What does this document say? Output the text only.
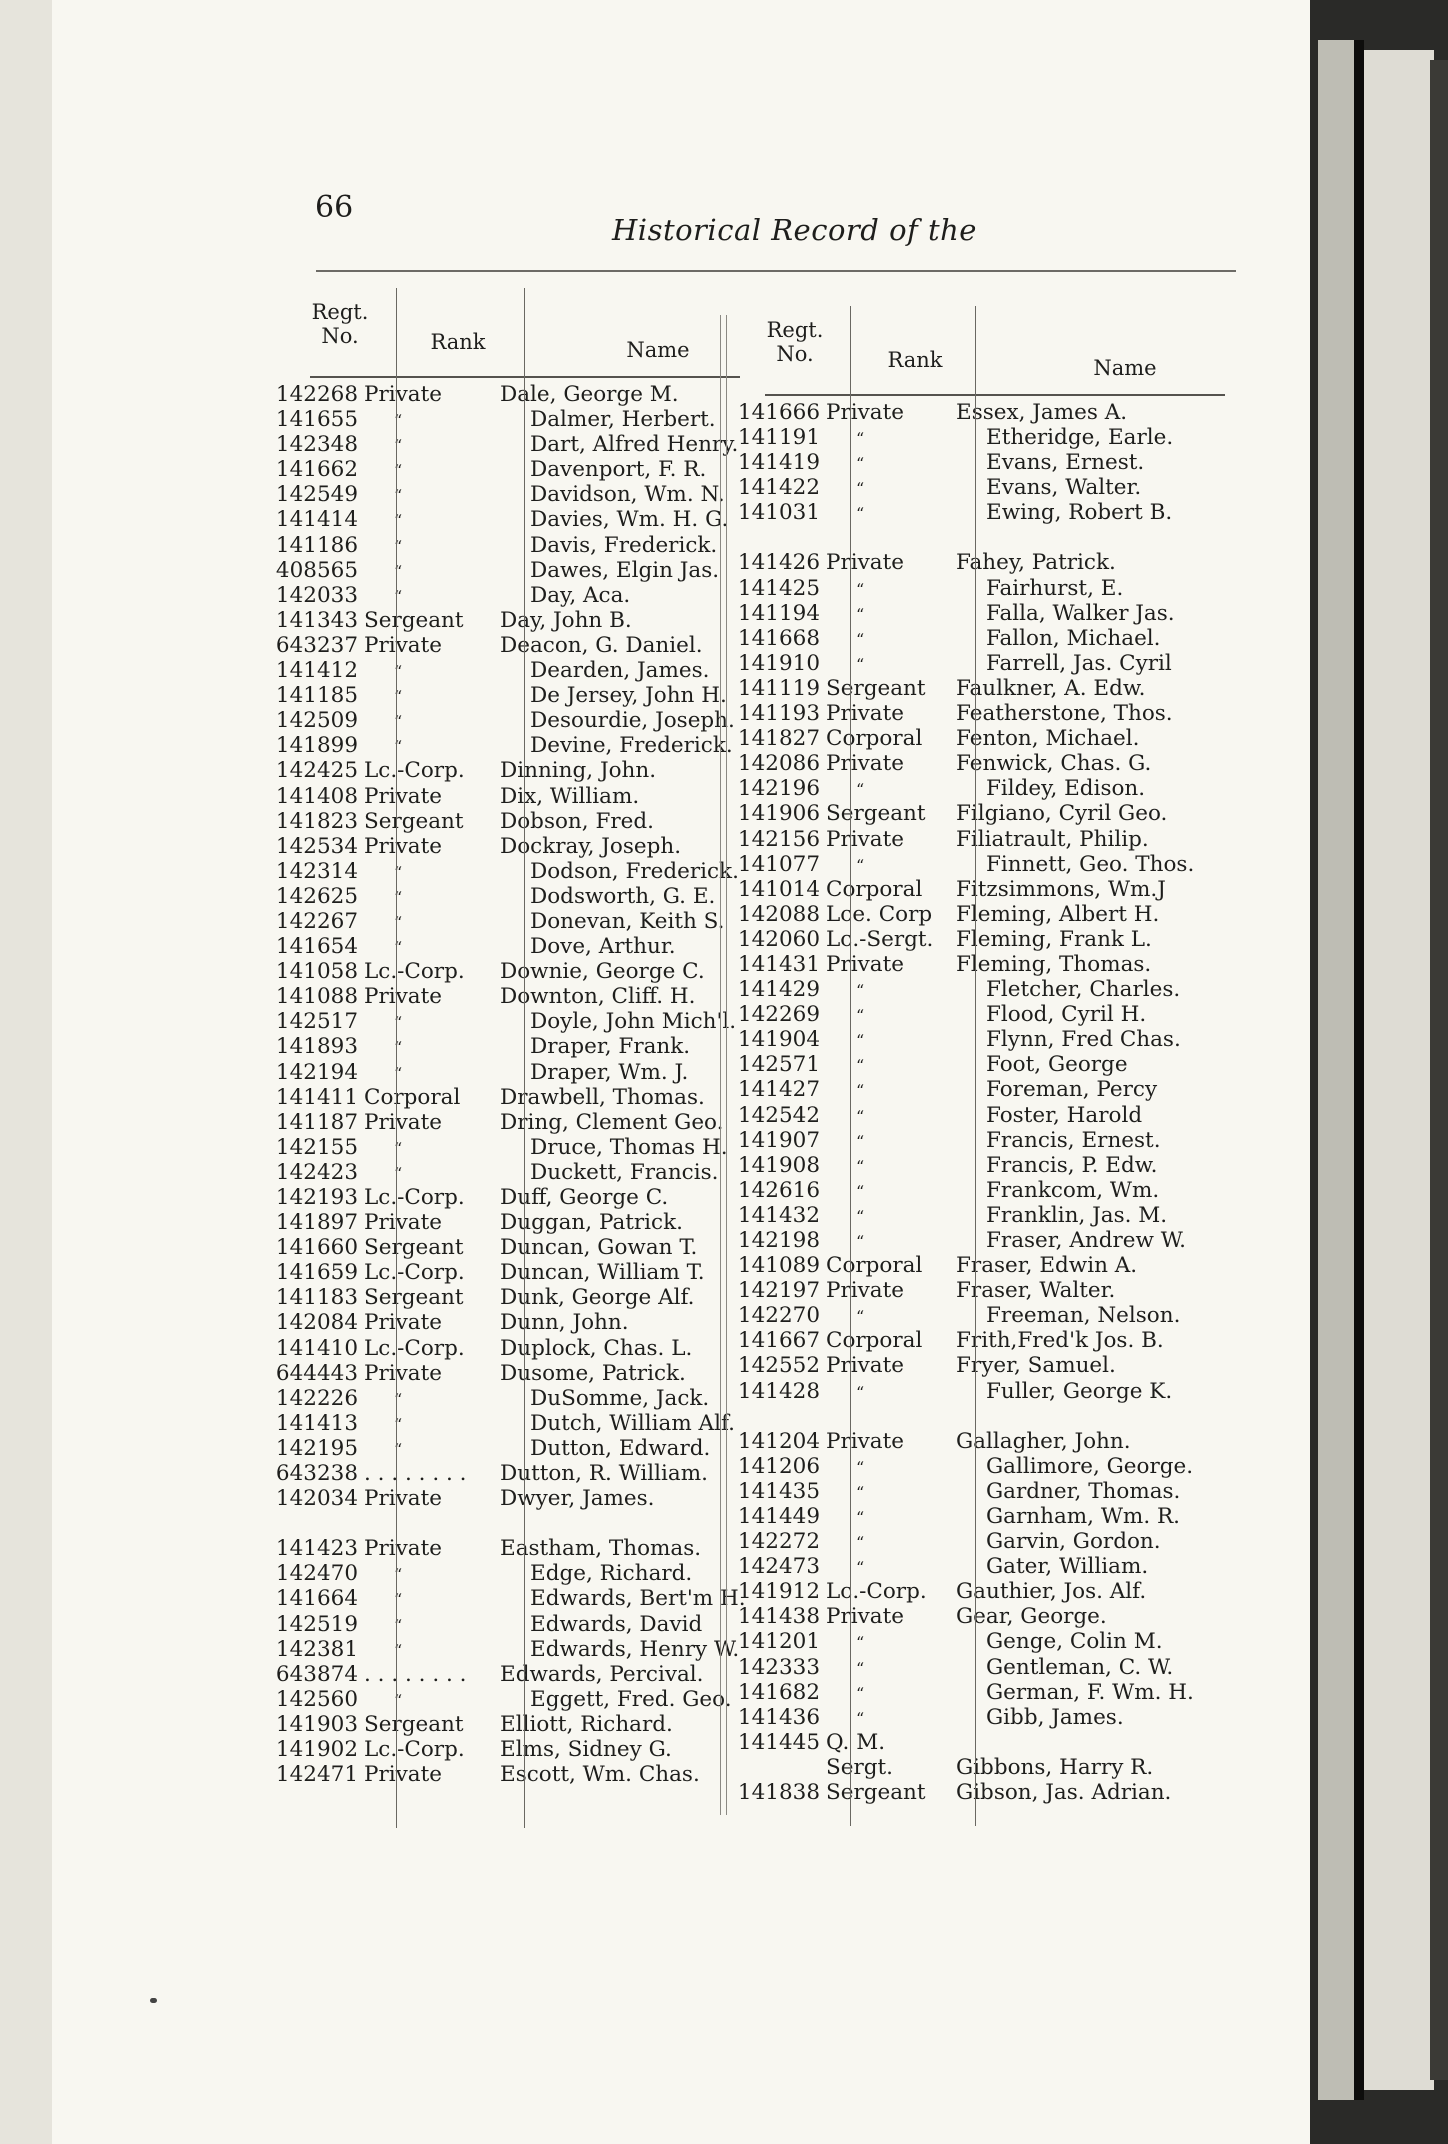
66
Historical Record of the
Regt.
No.	Rank	Name
142268 Private	Dale, George M.
141655	“	Dalmer, Herbert.
142348	“	Dart, Alfred Henry.
141662	“	Davenport, F. R.
142549	“	Davidson, Wm. N.
141414	“	Davies, Wm. H. G.
141186	“	Davis, Frederick.
408565	“	Dawes, Elgin Jas.
142033	“	Day, Aca.
141343 Sergeant	Day, John B.
643237 Private	Deacon, G. Daniel.
141412	“	Dearden, James.
141185	“	De Jersey, John H.
142509	“	Desourdie, Joseph.
141899	“	Devine, Frederick.
142425 Lc.-Corp.	Dinning, John.
141408 Private	Dix, William.
141823 Sergeant	Dobson, Fred.
142534 Private	Dockray, Joseph.
142314	“	Dodson, Frederick.
142625	“	Dodsworth, G. E.
142267	“	Donevan, Keith S.
141654	“	Dove, Arthur.
141058 Lc.-Corp.	Downie, George C.
141088 Private	Downton, Cliff. H.
142517	“	Doyle, John Mich'l.
141893	“	Draper, Frank.
142194	“	Draper, Wm. J.
141411 Corporal	Drawbell, Thomas.
141187 Private	Dring, Clement Geo.
142155	“	Druce, Thomas H.
142423	“	Duckett, Francis.
142193 Lc.-Corp.	Duff, George C.
141897 Private	Duggan, Patrick.
141660 Sergeant	Duncan, Gowan T.
141659 Lc.-Corp.	Duncan, William T.
141183 Sergeant	Dunk, George Alf.
142084 Private	Dunn, John.
141410 Lc.-Corp.	Duplock, Chas. L.
644443 Private	Dusome, Patrick.
142226	“	DuSomme, Jack.
141413	“	Dutch, William Alf.
142195	“	Dutton, Edward.
643238 . . . . . . . .	Dutton, R. William.
142034 Private	Dwyer, James.
141423 Private	Eastham, Thomas.
142470	“	Edge, Richard.
141664	“	Edwards, Bert'm H.
142519	“	Edwards, David
142381	“	Edwards, Henry W.
643874 . . . . . . . .	Edwards, Percival.
142560	“	Eggett, Fred. Geo.
141903 Sergeant	Elliott, Richard.
141902 Lc.-Corp.	Elms, Sidney G.
142471 Private	Escott, Wm. Chas.
Regt.
No.	Rank	Name
141666 Private	Essex, James A.
141191	“	Etheridge, Earle.
141419	“	Evans, Ernest.
141422	“	Evans, Walter.
141031	“	Ewing, Robert B.
141426 Private	Fahey, Patrick.
141425	“	Fairhurst, E.
141194	“	Falla, Walker Jas.
141668	“	Fallon, Michael.
141910	“	Farrell, Jas. Cyril
141119 Sergeant	Faulkner, A. Edw.
141193 Private	Featherstone, Thos.
141827 Corporal	Fenton, Michael.
142086 Private	Fenwick, Chas. G.
142196	“	Fildey, Edison.
141906 Sergeant	Filgiano, Cyril Geo.
142156 Private	Filiatrault, Philip.
141077	“	Finnett, Geo. Thos.
141014 Corporal	Fitzsimmons, Wm.J
142088 Lce. Corp	Fleming, Albert H.
142060 Lc.-Sergt.	Fleming, Frank L.
141431 Private	Fleming, Thomas.
141429	“	Fletcher, Charles.
142269	“	Flood, Cyril H.
141904	“	Flynn, Fred Chas.
142571	“	Foot, George
141427	“	Foreman, Percy
142542	“	Foster, Harold
141907	“	Francis, Ernest.
141908	“	Francis, P. Edw.
142616	“	Frankcom, Wm.
141432	“	Franklin, Jas. M.
142198	“	Fraser, Andrew W.
141089 Corporal	Fraser, Edwin A.
142197 Private	Fraser, Walter.
142270	“	Freeman, Nelson.
141667 Corporal	Frith,Fred'k Jos. B.
142552 Private	Fryer, Samuel.
141428	“	Fuller, George K.
141204 Private	Gallagher, John.
141206	“	Gallimore, George.
141435	“	Gardner, Thomas.
141449	“	Garnham, Wm. R.
142272	“	Garvin, Gordon.
142473	“	Gater, William.
141912 Lc.-Corp.	Gauthier, Jos. Alf.
141438 Private	Gear, George.
141201	“	Genge, Colin M.
142333	“	Gentleman, C. W.
141682	“	German, F. Wm. H.
141436	“	Gibb, James.
141445 Q. M.
Sergt.	Gibbons, Harry R.
141838 Sergeant	Gibson, Jas. Adrian.
